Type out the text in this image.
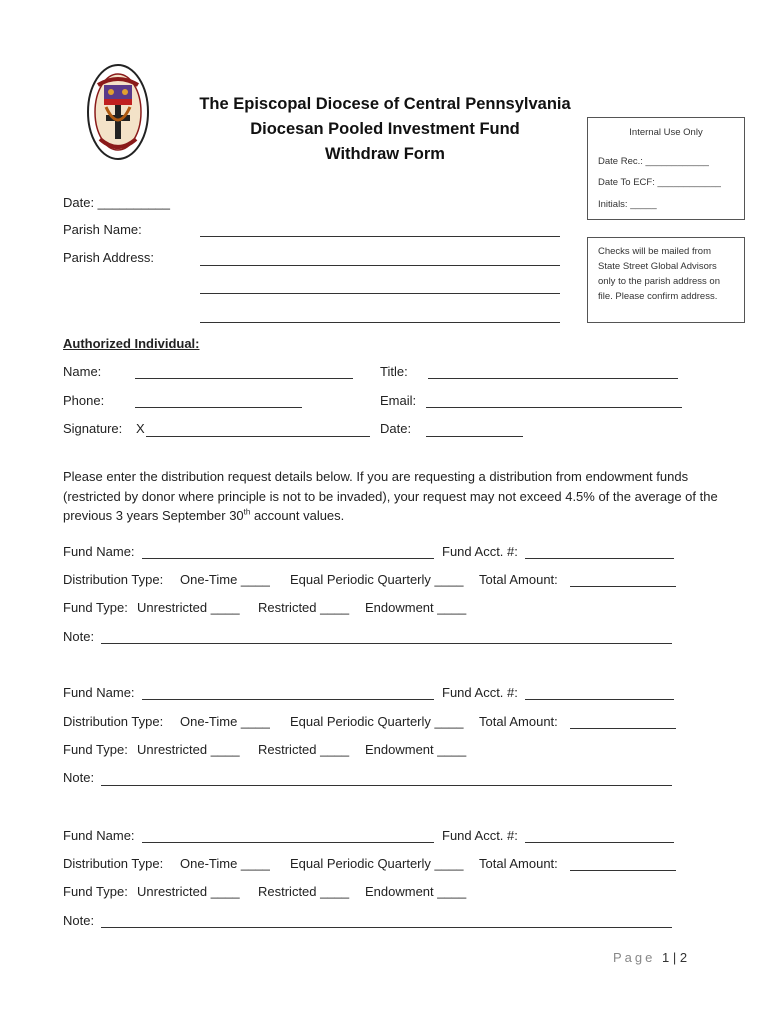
The Episcopal Diocese of Central Pennsylvania
Diocesan Pooled Investment Fund
Withdraw Form
Internal Use Only
Date Rec.: ____________
Date To ECF: ____________
Initials: _____
Checks will be mailed from
State Street Global Advisors
only to the parish address on
file. Please confirm address.
Date: __________
Parish Name:
Parish Address:
Authorized Individual:
Name:	Title:
Phone:	Email:
Signature: X	Date:
Please enter the distribution request details below. If you are requesting a distribution from endowment funds (restricted by donor where principle is not to be invaded), your request may not exceed 4.5% of the average of the previous 3 years September 30th account values.
Fund Name:	Fund Acct. #:
Distribution Type: One-Time ____ Equal Periodic Quarterly ____ Total Amount:
Fund Type: Unrestricted ____ Restricted ____ Endowment ____
Note:
Fund Name:	Fund Acct. #:
Distribution Type: One-Time ____ Equal Periodic Quarterly ____ Total Amount:
Fund Type: Unrestricted ____ Restricted ____ Endowment ____
Note:
Fund Name:	Fund Acct. #:
Distribution Type: One-Time ____ Equal Periodic Quarterly ____ Total Amount:
Fund Type: Unrestricted ____ Restricted ____ Endowment ____
Note:
Page 1 | 2
